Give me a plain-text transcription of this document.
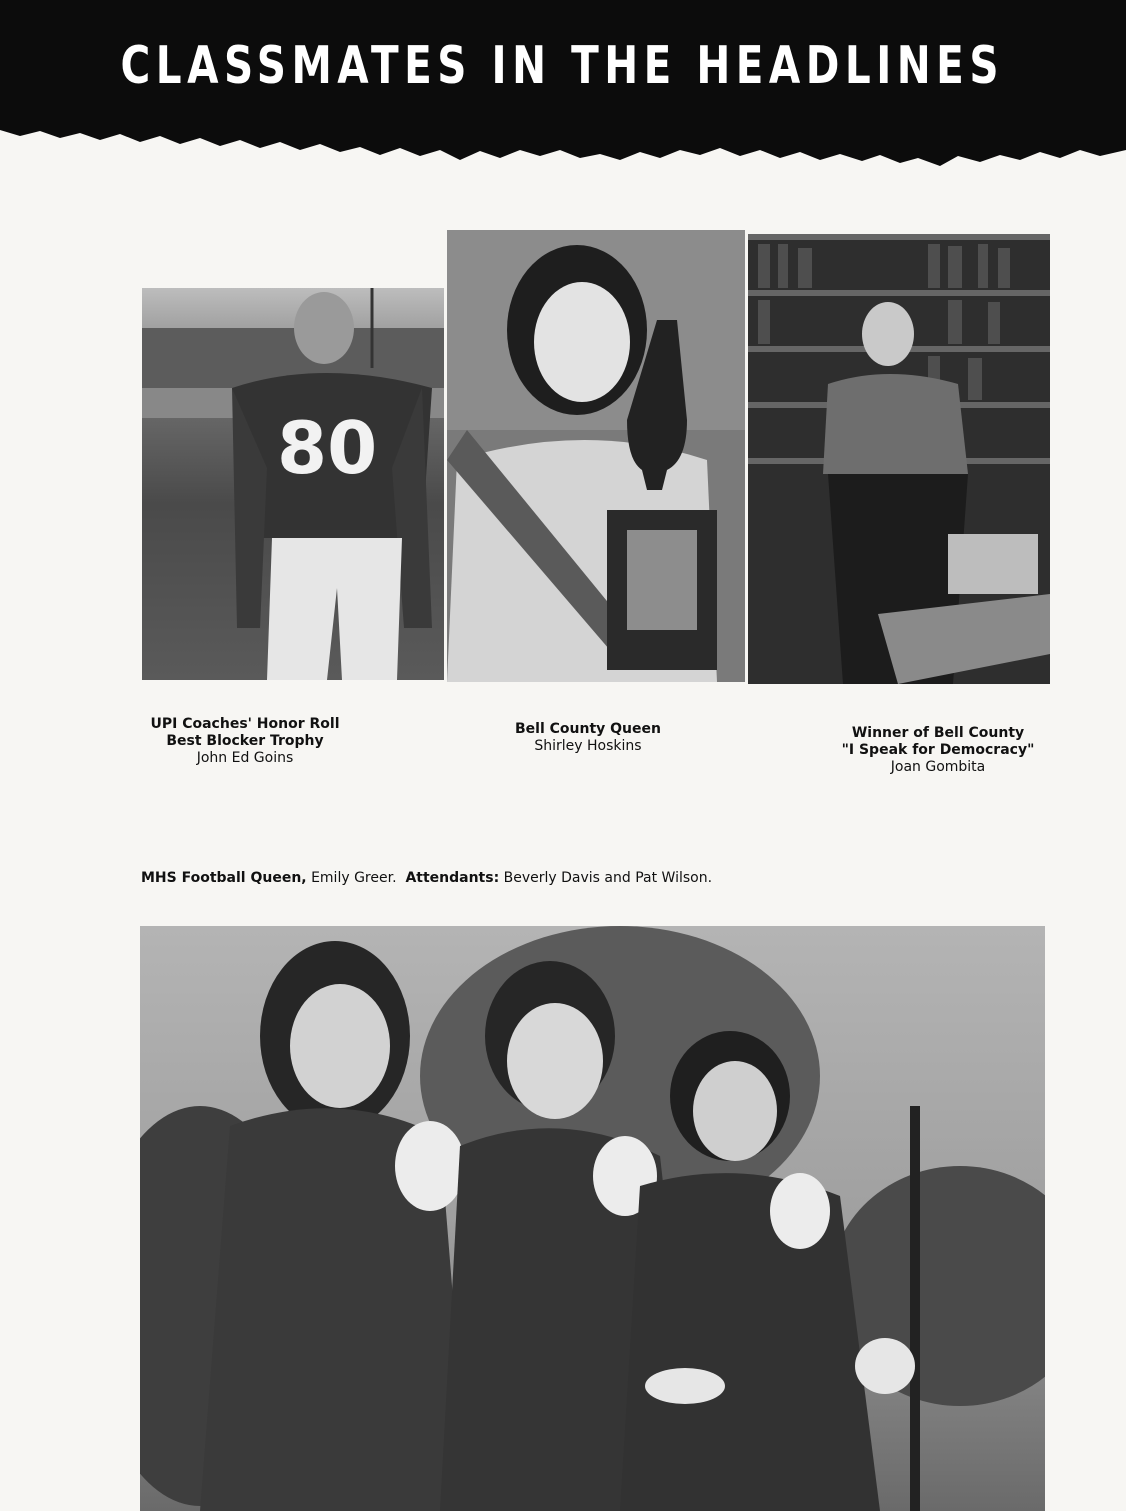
CLASSMATES IN THE HEADLINES
80
UPI Coaches' Honor Roll
Best Blocker Trophy
John Ed Goins
Bell County Queen
Shirley Hoskins
Winner of Bell County
"I Speak for Democracy"
Joan Gombita
MHS Football Queen, Emily Greer. Attendants: Beverly Davis and Pat Wilson.
